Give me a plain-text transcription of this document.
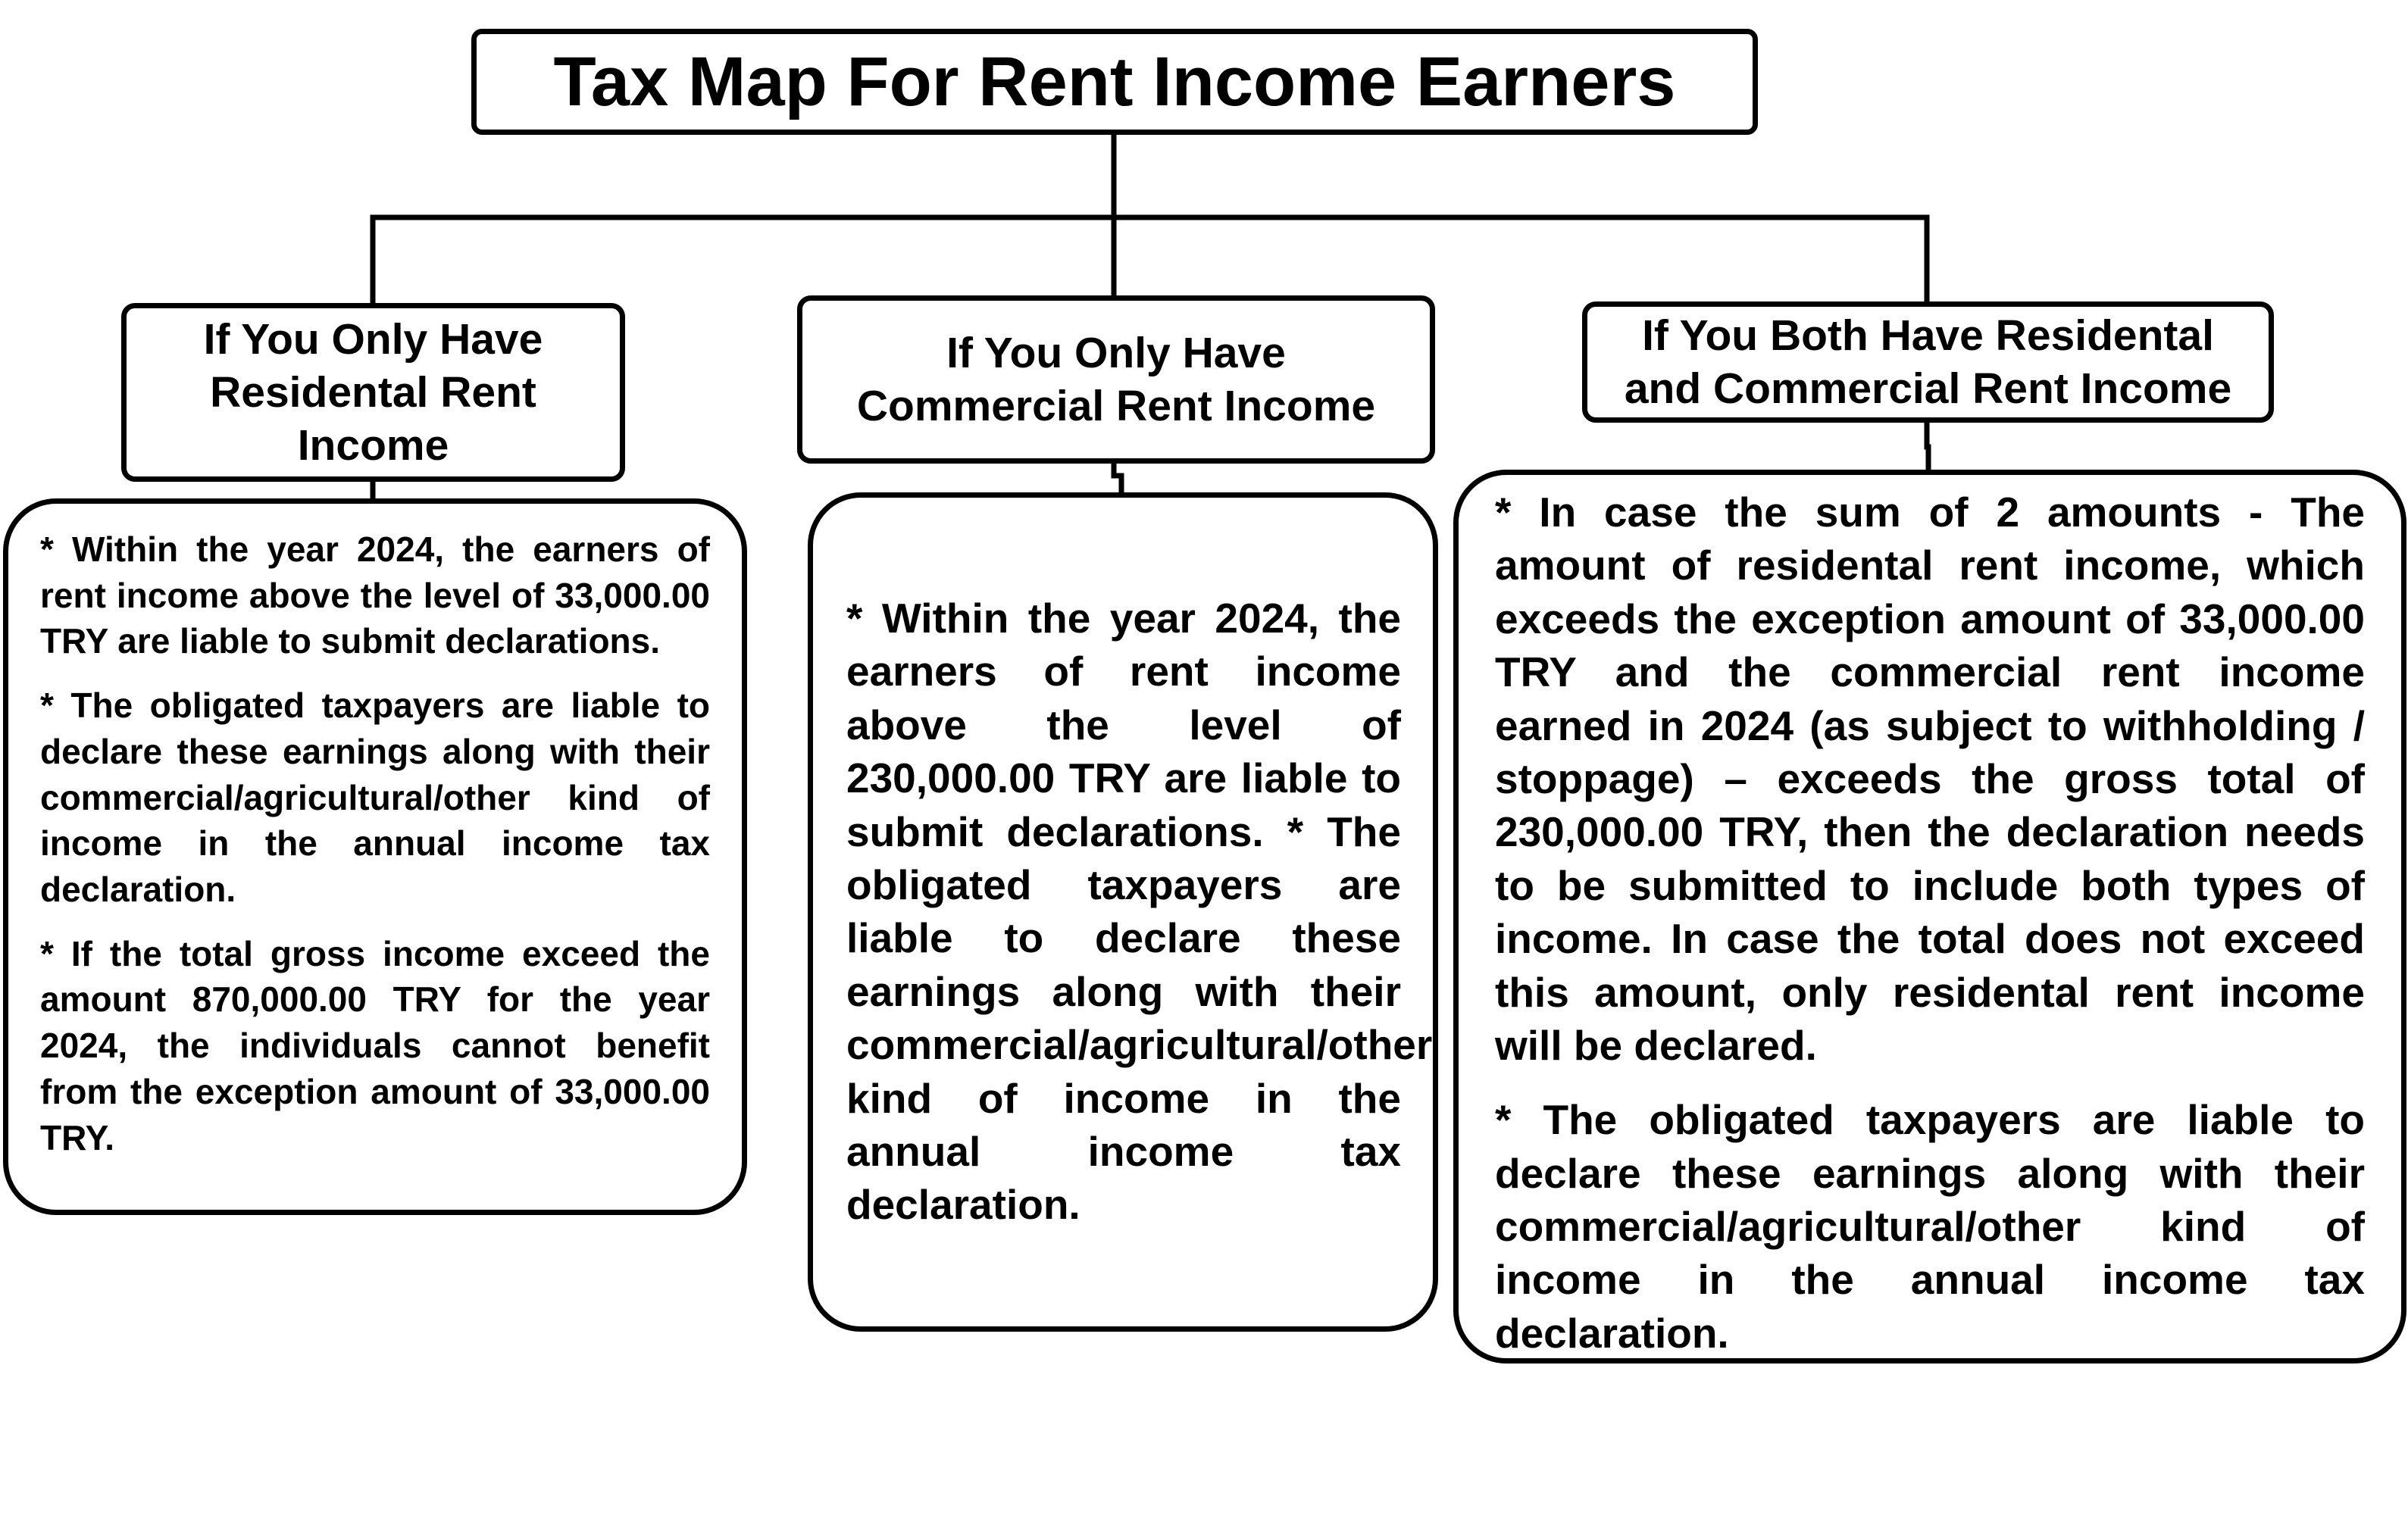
Tax Map For Rent Income Earners
If You Only Have Residental Rent Income
If You Only Have Commercial Rent Income
If You Both Have Residental and Commercial Rent Income

* Within the year 2024, the earners of rent income above the level of 33,000.00 TRY are liable to submit declarations.

* The obligated taxpayers are liable to declare these earnings along with their commercial/agricultural/other kind of income in the annual income tax declaration.

* If the total gross income exceed the amount 870,000.00 TRY for the year 2024, the individuals cannot benefit from the exception amount of 33,000.00 TRY.

* Within the year 2024, the earners of rent income above the level of 230,000.00 TRY are liable to submit declarations. * The obligated taxpayers are liable to declare these earnings along with their commercial/agricultural/other kind of income in the annual income tax declaration.

* In case the sum of 2 amounts - The amount of residental rent income, which exceeds the exception amount of 33,000.00 TRY and the commercial rent income earned in 2024 (as subject to withholding / stoppage) – exceeds the gross total of 230,000.00 TRY, then the declaration needs to be submitted to include both types of income. In case the total does not exceed this amount, only residental rent income will be declared.

* The obligated taxpayers are liable to declare these earnings along with their commercial/agricultural/other kind of income in the annual income tax declaration.
